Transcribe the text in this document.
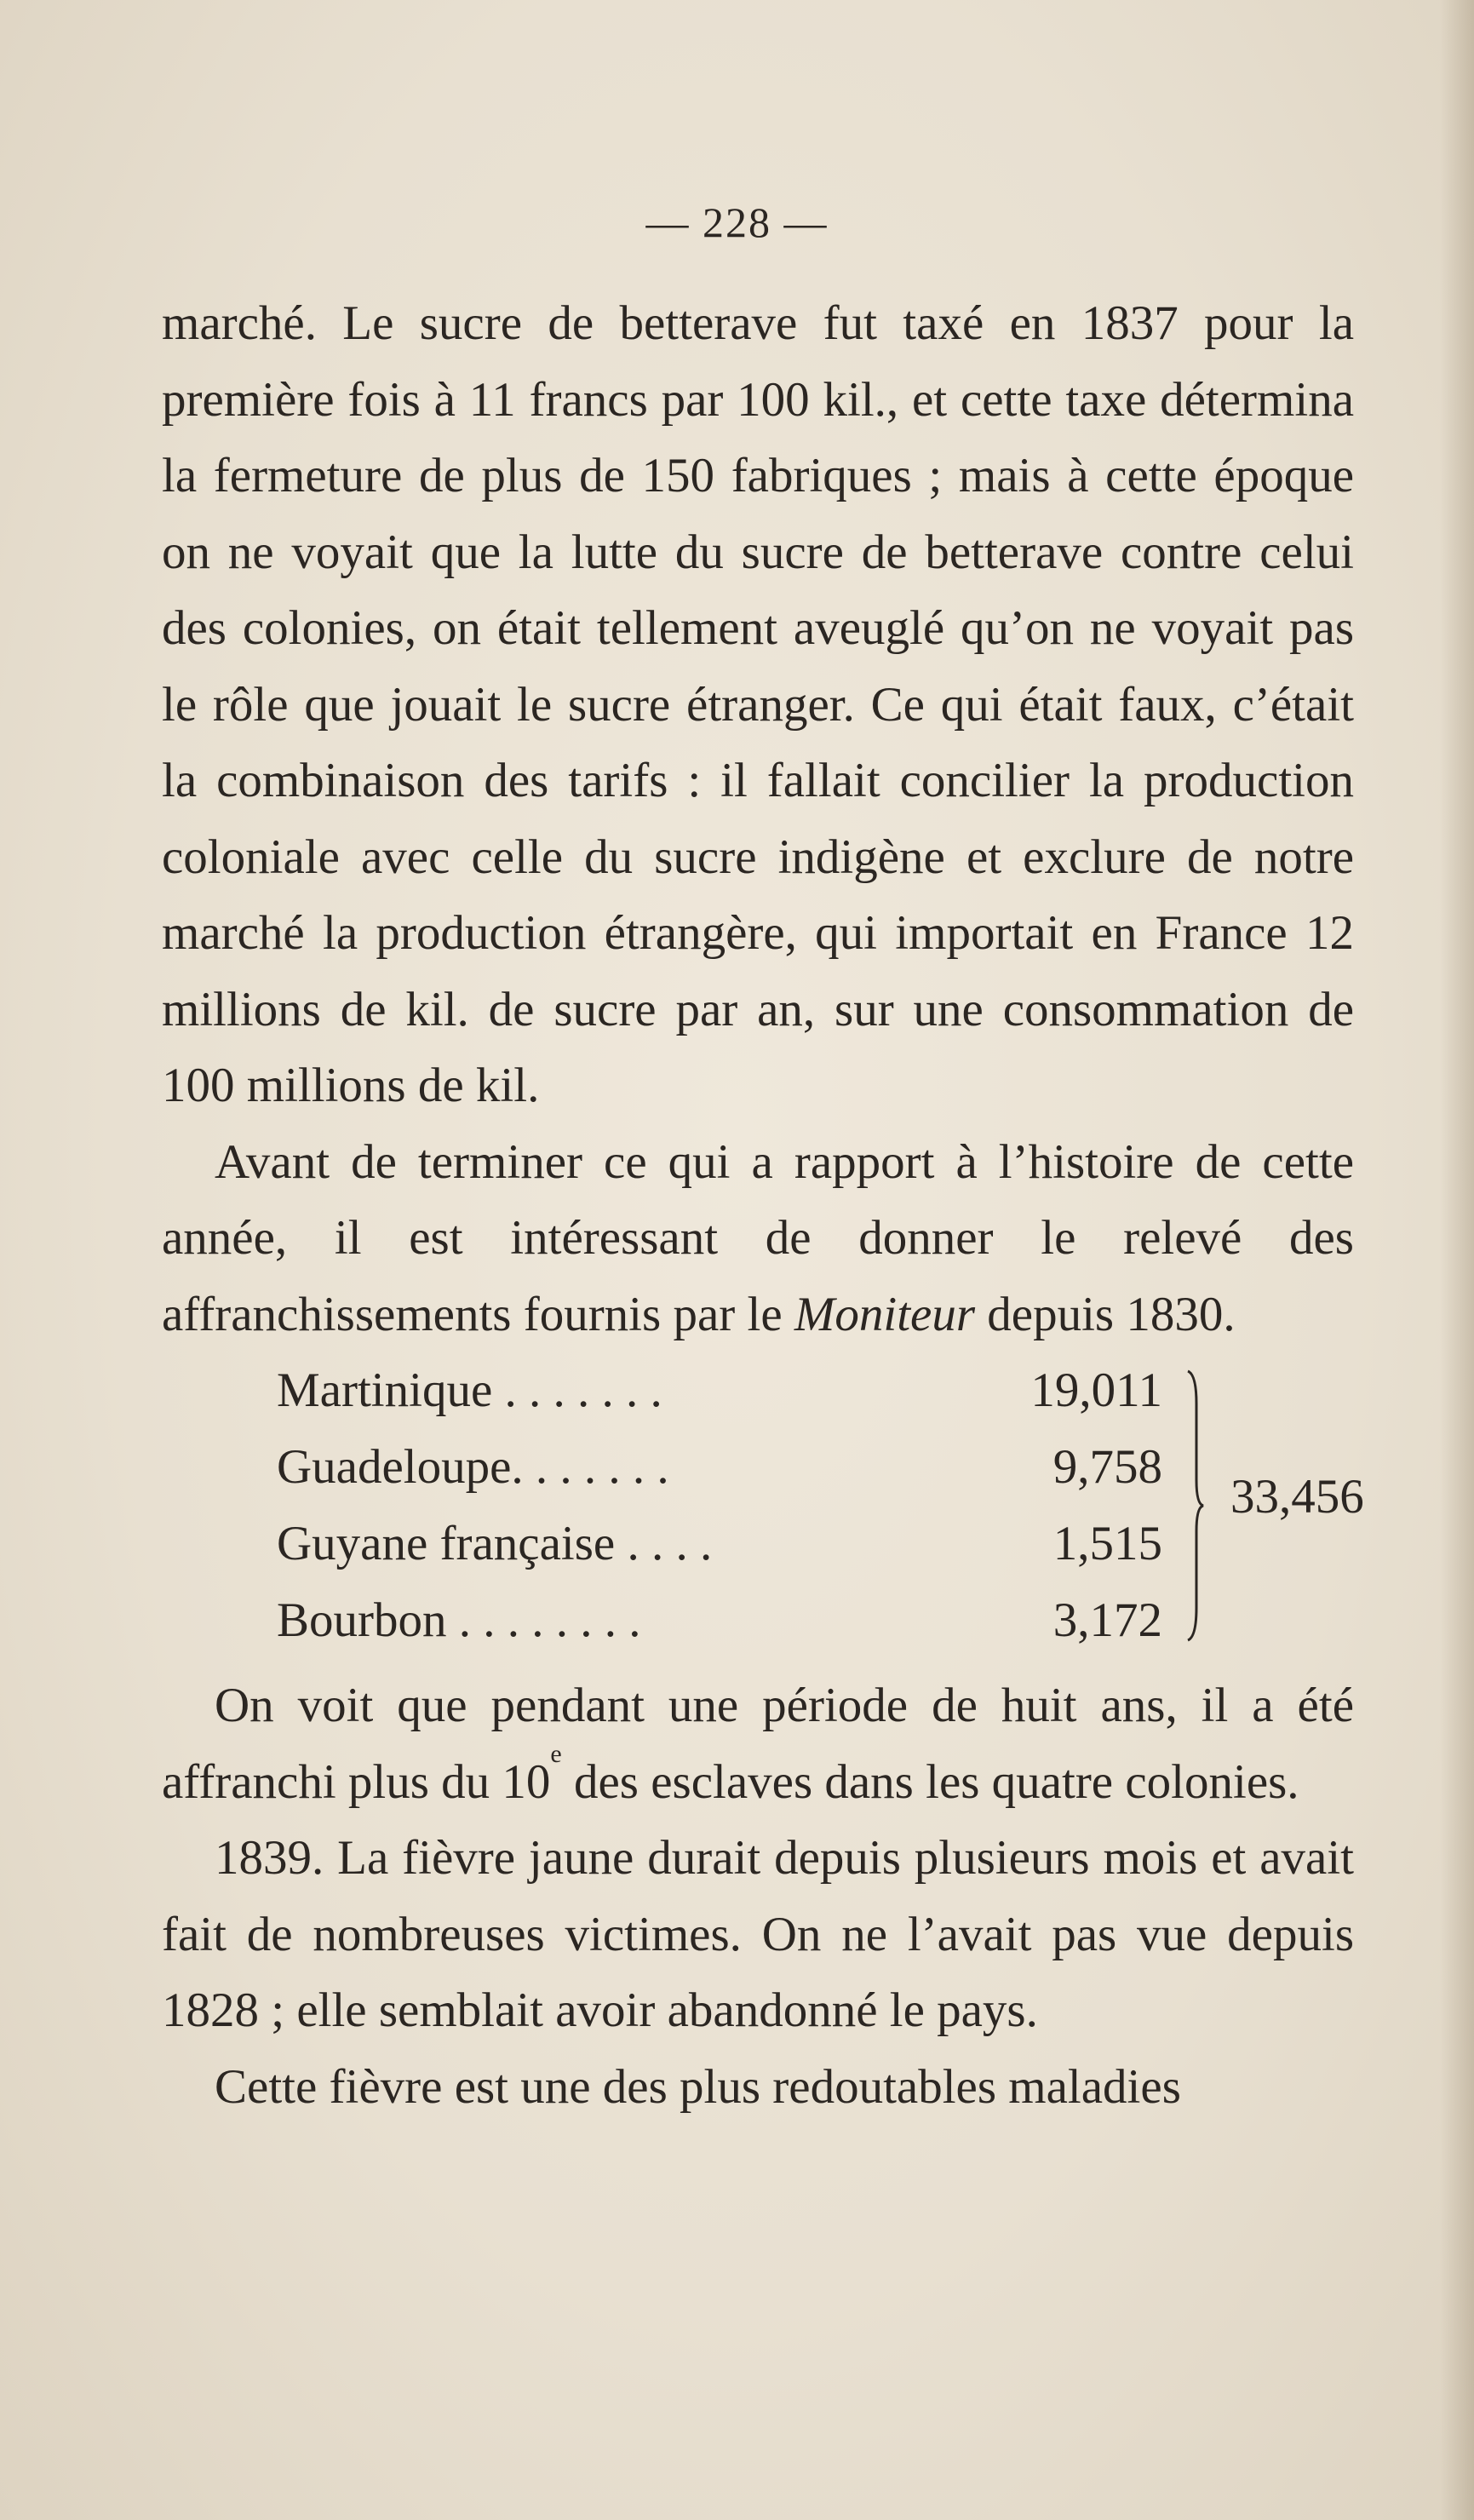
— 228 —

marché. Le sucre de betterave fut taxé en 1837 pour la première fois à 11 francs par 100 kil., et cette taxe détermina la fermeture de plus de 150 fabriques ; mais à cette époque on ne voyait que la lutte du sucre de betterave contre celui des colonies, on était tellement aveuglé qu’on ne voyait pas le rôle que jouait le sucre étranger. Ce qui était faux, c’était la combinaison des tarifs : il fallait concilier la production coloniale avec celle du sucre indigène et exclure de notre marché la production étrangère, qui importait en France 12 millions de kil. de sucre par an, sur une consommation de 100 millions de kil.

Avant de terminer ce qui a rapport à l’histoire de cette année, il est intéressant de donner le relevé des affranchissements fournis par le Moniteur depuis 1830.

Martinique . . . . . . .	19,011
Guadeloupe. . . . . . .	9,758
Guyane française . . . .	1,515
Bourbon . . . . . . . .	3,172
33,456

On voit que pendant une période de huit ans, il a été affranchi plus du 10e des esclaves dans les quatre colonies.

1839. La fièvre jaune durait depuis plusieurs mois et avait fait de nombreuses victimes. On ne l’avait pas vue depuis 1828 ; elle semblait avoir abandonné le pays.

Cette fièvre est une des plus redoutables maladies
